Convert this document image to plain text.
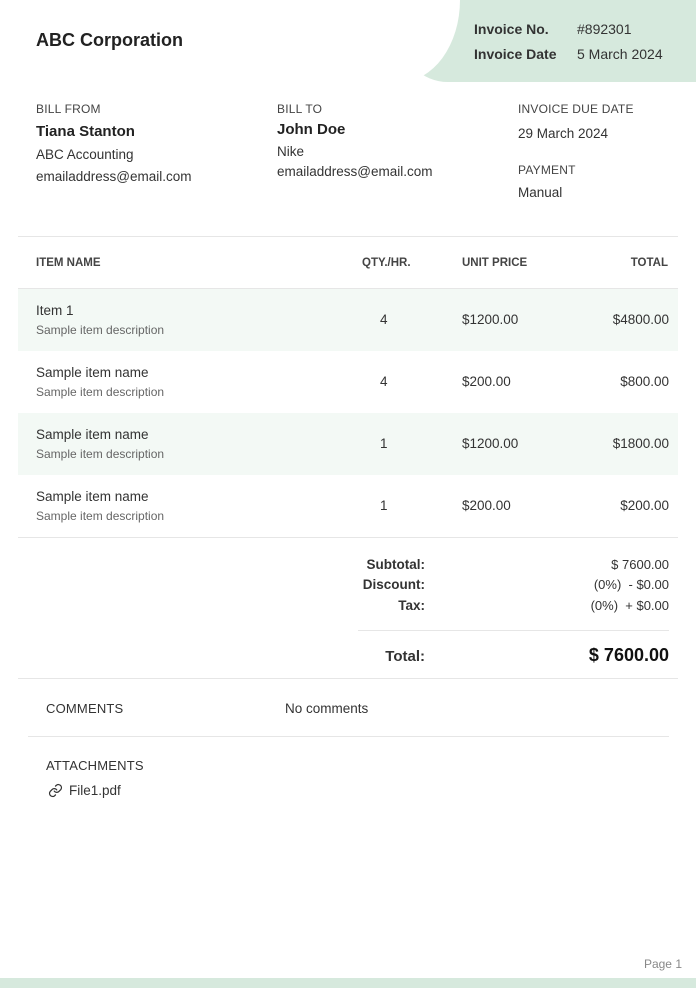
ABC Corporation
Invoice No. #892301
Invoice Date 5 March 2024
BILL FROM
Tiana Stanton
ABC Accounting
emailaddress@email.com
BILL TO
John Doe
Nike
emailaddress@email.com
INVOICE DUE DATE
29 March 2024
PAYMENT
Manual
ITEM NAME	QTY./HR.	UNIT PRICE	TOTAL
Item 1
Sample item description
4	$1200.00	$4800.00
Sample item name
Sample item description
4	$200.00	$800.00
Sample item name
Sample item description
1	$1200.00	$1800.00
Sample item name
Sample item description
1	$200.00	$200.00
Subtotal:	$ 7600.00
Discount:	(0%)  - $0.00
Tax:	(0%)  + $0.00
Total:	$ 7600.00
COMMENTS	No comments
ATTACHMENTS
File1.pdf
Page 1
